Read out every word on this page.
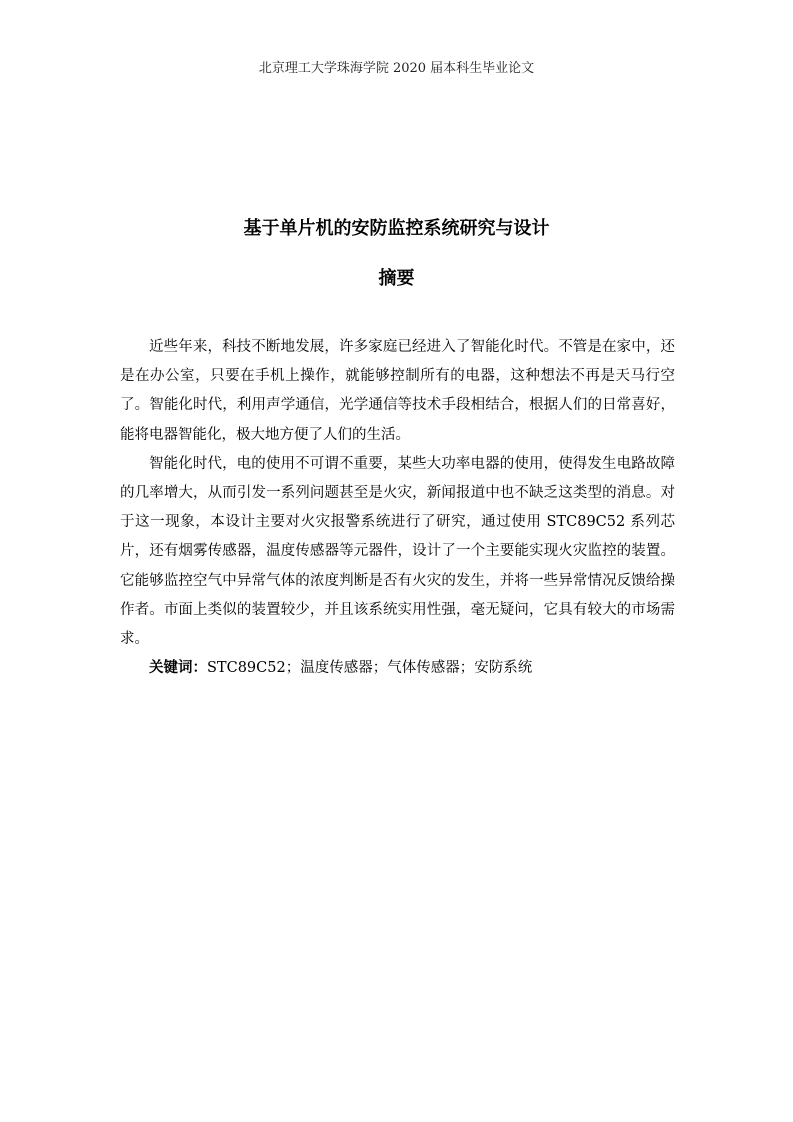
北京理工大学珠海学院 2020 届本科生毕业论文
基于单片机的安防监控系统研究与设计
摘要

近些年来，科技不断地发展，许多家庭已经进入了智能化时代。不管是在家中，还是在办公室，只要在手机上操作，就能够控制所有的电器，这种想法不再是天马行空了。智能化时代，利用声学通信，光学通信等技术手段相结合，根据人们的日常喜好，能将电器智能化，极大地方便了人们的生活。

智能化时代，电的使用不可谓不重要，某些大功率电器的使用，使得发生电路故障的几率增大，从而引发一系列问题甚至是火灾，新闻报道中也不缺乏这类型的消息。对于这一现象，本设计主要对火灾报警系统进行了研究，通过使用 STC89C52 系列芯片，还有烟雾传感器，温度传感器等元器件，设计了一个主要能实现火灾监控的装置。它能够监控空气中异常气体的浓度判断是否有火灾的发生，并将一些异常情况反馈给操作者。市面上类似的装置较少，并且该系统实用性强，毫无疑问，它具有较大的市场需求。

关键词：STC89C52；温度传感器；气体传感器；安防系统
